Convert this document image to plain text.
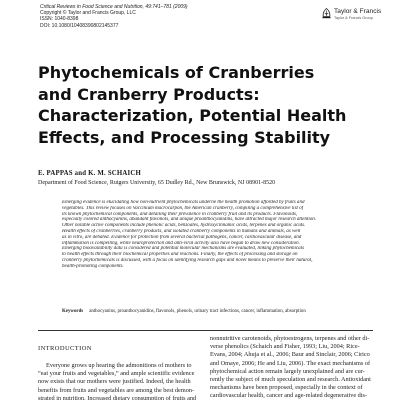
Critical Reviews in Food Science and Nutrition, 49:741–781 (2009)
Copyright © Taylor and Francis Group, LLC
ISSN: 1040-8398
DOI: 10.1080/10408390802145377
Taylor & Francis
Taylor & Francis Group
Phytochemicals of Cranberries
and Cranberry Products:
Characterization, Potential Health
Effects, and Processing Stability
E. PAPPAS and K. M. SCHAICH
Department of Food Science, Rutgers University, 65 Dudley Rd., New Brunswick, NJ 08901-8520
Emerging evidence is elucidating how non-nutrient phytochemicals underlie the health promotion afforded by fruits and
vegetables. This review focuses on Vaccinium macrocarpon, the American cranberry, compiling a comprehensive list of
its known phytochemical components, and detailing their prevalence in cranberry fruit and its products. Flavonoids,
especially colored anthocyanins, abundant flavonols, and unique proanthocyanidins, have attracted major research attention.
Other notable active components include phenolic acids, benzoates, hydroxycinnamic acids, terpenes and organic acids.
Health effects of cranberries, cranberry products, and isolated cranberry components in humans and animals, as well
as in vitro, are debated. Evidence for protection from several bacterial pathogens, cancer, cardiovascular disease, and
inflammation is compelling, while neuroprotection and anti-viral activity also have begun to draw new consideration.
Emerging bioavailability data is considered and potential molecular mechanisms are evaluated, linking phytochemicals
to health effects through their biochemical properties and reactions. Finally, the effects of processing and storage on
cranberry phytochemicals is discussed, with a focus on identifying research gaps and novel means to preserve their natural,
health-promoting components.
Keywords anthocyanins, proanthocyanidins, flavonols, phenols, urinary tract infections, cancer, inflammation, absorption
INTRODUCTION
Everyone grows up hearing the admonitions of mothers to
“eat your fruits and vegetables,” and ample scientific evidence
now exists that our mothers were justified. Indeed, the health
benefits from fruits and vegetables are among the best demon-
strated in nutrition. Increased dietary consumption of fruits and
nonnutritive carotenoids, phytoestrogens, terpenes and other di-
verse phenolics (Schaich and Fisher, 1993; Liu, 2004; Rice-
Evans, 2004; Ahuja et al., 2006; Baur and Sinclair, 2006; Cirico
and Omaye, 2006; He and Liu, 2006). The exact mechanisms of
phytochemical action remain largely unexplained and are cur-
rently the subject of much speculation and research. Antioxidant
mechanisms have been proposed, especially in the context of
cardiovascular health, cancer and age-related degenerative dis-
